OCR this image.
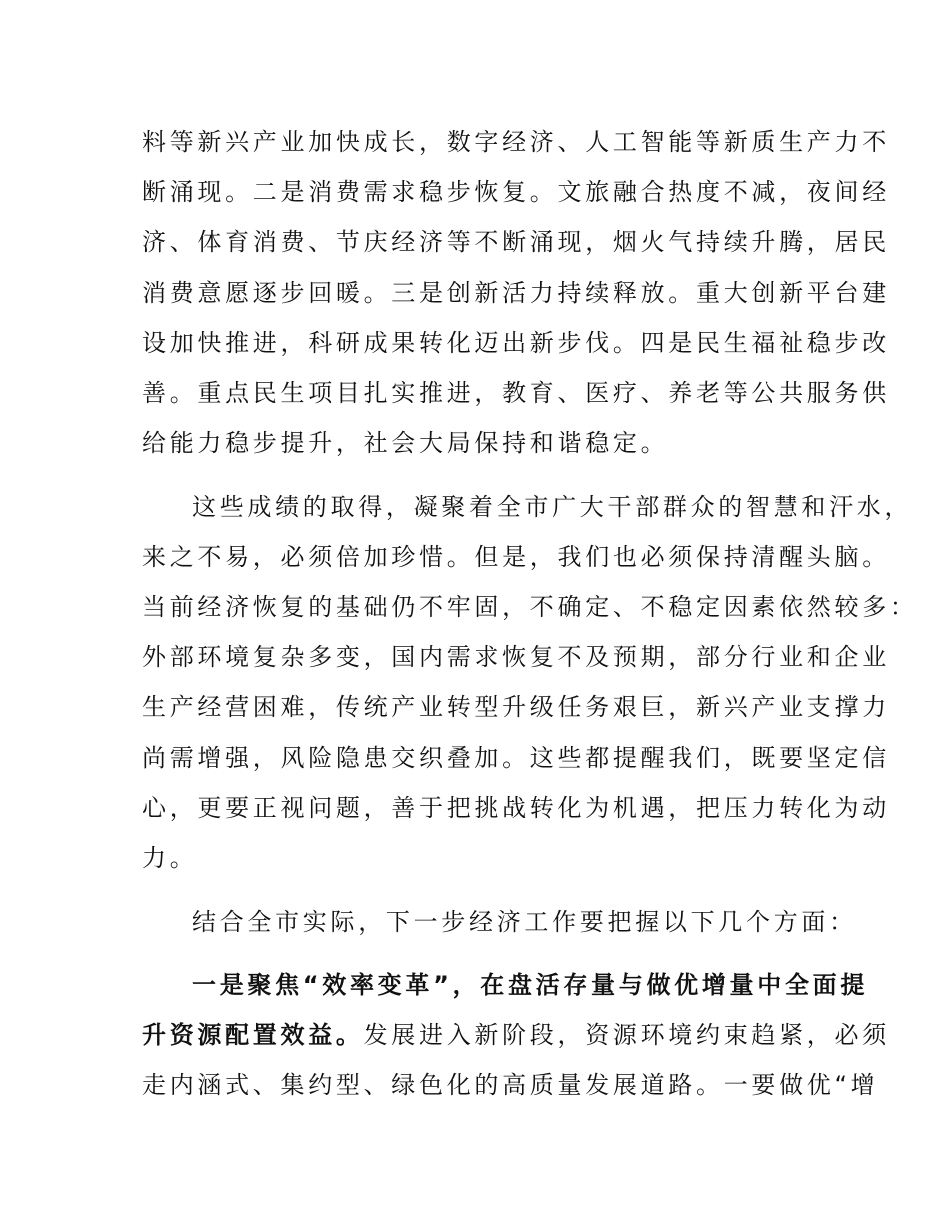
料等新兴产业加快成长，数字经济、人工智能等新质生产力不
断涌现。二是消费需求稳步恢复。文旅融合热度不减，夜间经
济、体育消费、节庆经济等不断涌现，烟火气持续升腾，居民
消费意愿逐步回暖。三是创新活力持续释放。重大创新平台建
设加快推进，科研成果转化迈出新步伐。四是民生福祉稳步改
善。重点民生项目扎实推进，教育、医疗、养老等公共服务供
给能力稳步提升，社会大局保持和谐稳定。
这些成绩的取得，凝聚着全市广大干部群众的智慧和汗水，
来之不易，必须倍加珍惜。但是，我们也必须保持清醒头脑。
当前经济恢复的基础仍不牢固，不确定、不稳定因素依然较多：
外部环境复杂多变，国内需求恢复不及预期，部分行业和企业
生产经营困难，传统产业转型升级任务艰巨，新兴产业支撑力
尚需增强，风险隐患交织叠加。这些都提醒我们，既要坚定信
心，更要正视问题，善于把挑战转化为机遇，把压力转化为动
力。
结合全市实际，下一步经济工作要把握以下几个方面：
一是聚焦“效率变革”，在盘活存量与做优增量中全面提
升资源配置效益。发展进入新阶段，资源环境约束趋紧，必须
走内涵式、集约型、绿色化的高质量发展道路。一要做优“增
